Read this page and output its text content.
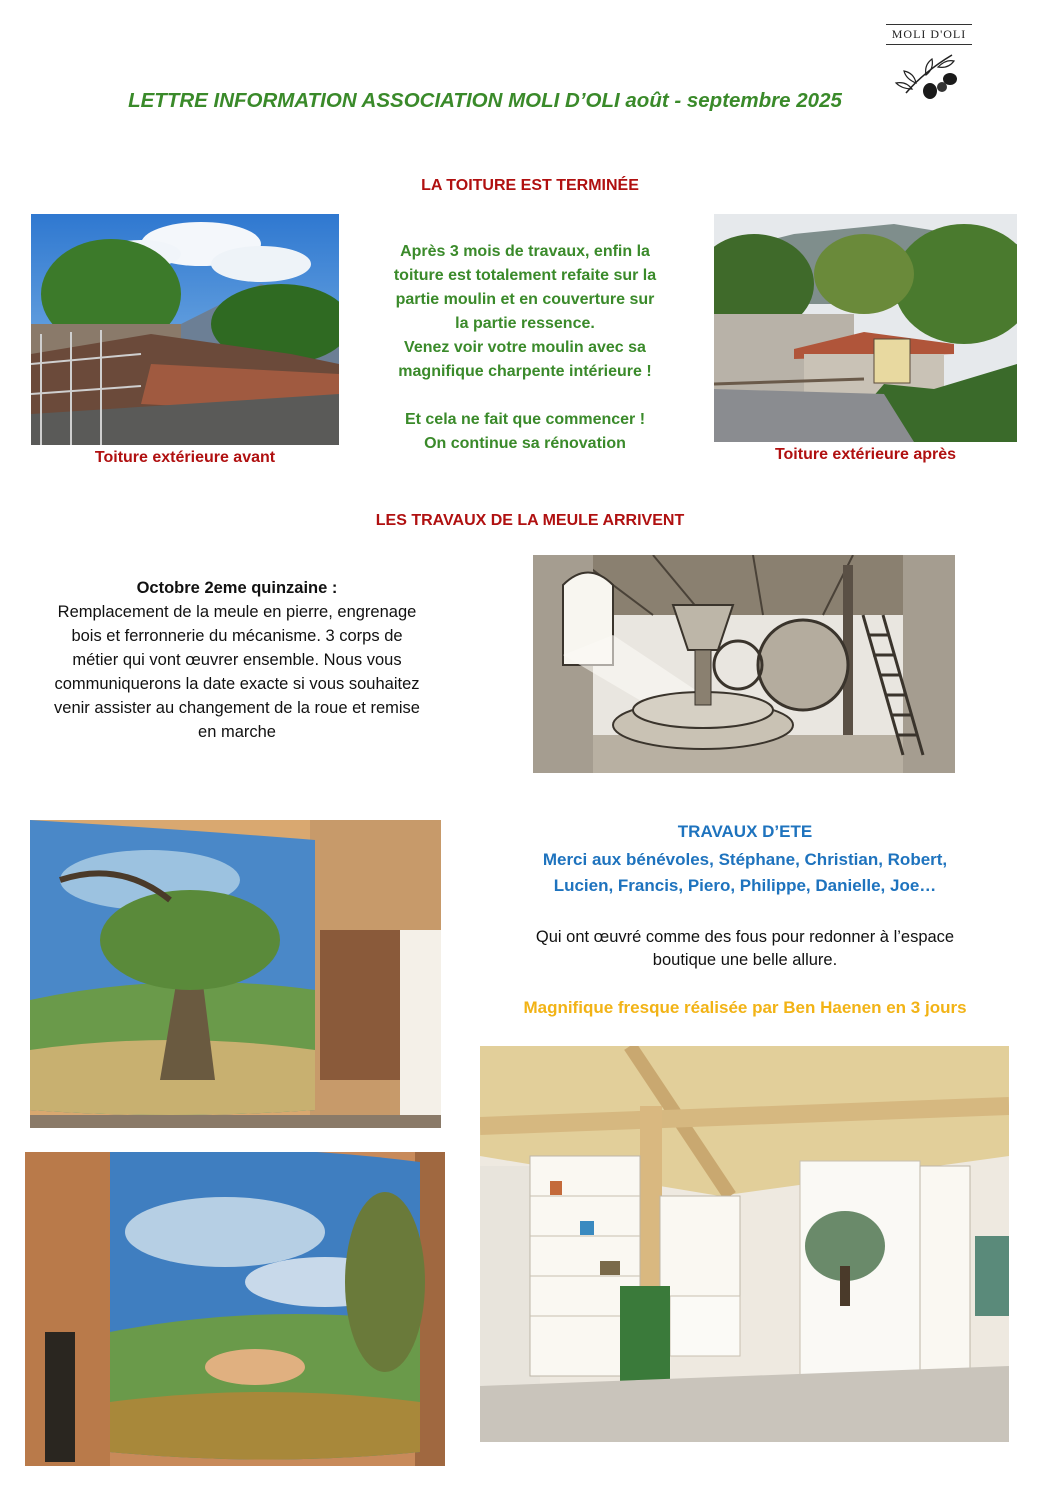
MOLI D'OLI
LETTRE INFORMATION ASSOCIATION MOLI D’OLI août - septembre 2025
LA TOITURE EST TERMINÉE
Toiture extérieure avant
Après 3 mois de travaux, enfin la
toiture est totalement refaite sur la
partie moulin et en couverture sur
la partie ressence.
Venez voir votre moulin avec sa
magnifique charpente intérieure !
Et cela ne fait que commencer !
On continue sa rénovation
Toiture extérieure après
LES TRAVAUX DE LA MEULE ARRIVENT
Octobre 2eme quinzaine :
Remplacement de la meule en pierre, engrenage
bois et ferronnerie du mécanisme. 3 corps de
métier qui vont œuvrer ensemble. Nous vous
communiquerons la date exacte si vous souhaitez
venir assister au changement de la roue et remise
en marche
TRAVAUX D’ETE
Merci aux bénévoles, Stéphane, Christian, Robert,
Lucien, Francis, Piero, Philippe, Danielle, Joe…
Qui ont œuvré comme des fous pour redonner à l’espace
boutique une belle allure.
Magnifique fresque réalisée par Ben Haenen en 3 jours
